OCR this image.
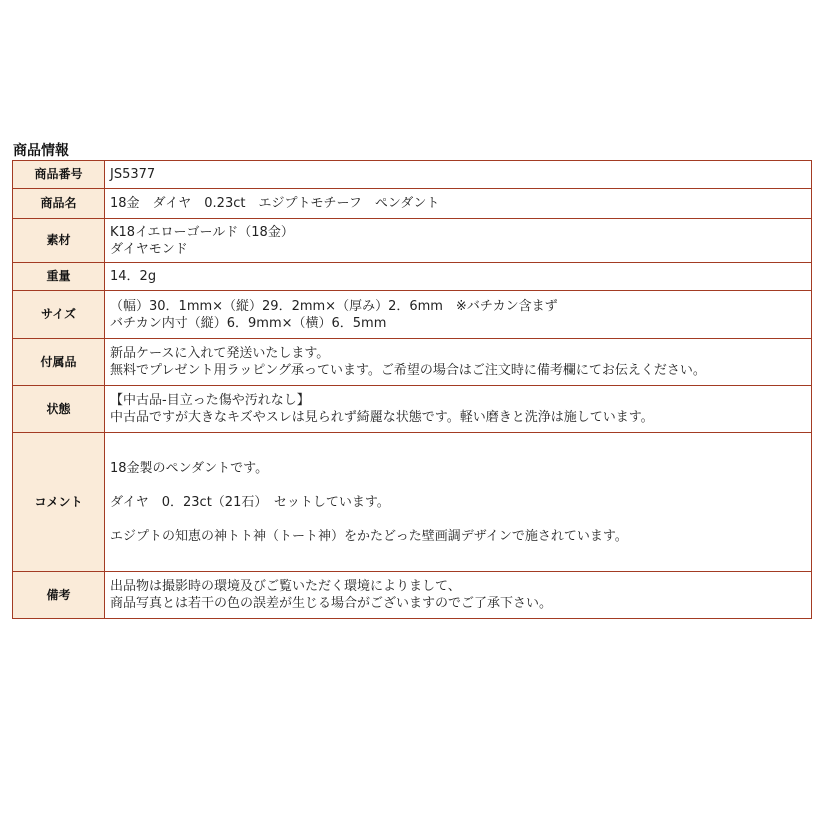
商品情報
商品番号	JS5377
商品名	18金　ダイヤ　0.23ct　エジプトモチーフ　ペンダント
素材	K18イエローゴールド（18金）
ダイヤモンド

重量	14．2g
サイズ	（幅）30．1mm×（縦）29．2mm×（厚み）2．6mm　※バチカン含まず
バチカン内寸（縦）6．9mm×（横）6．5mm

付属品	新品ケースに入れて発送いたします。
無料でプレゼント用ラッピング承っています。ご希望の場合はご注文時に備考欄にてお伝えください。

状態	【中古品-目立った傷や汚れなし】
中古品ですが大きなキズやスレは見られず綺麗な状態です。軽い磨きと洗浄は施しています。

コメント	18金製のペンダントです。
ダイヤ　0．23ct（21石）　セットしています。
エジプトの知恵の神トト神（トート神）をかたどった壁画調デザインで施されています。

備考	出品物は撮影時の環境及びご覧いただく環境によりまして、
商品写真とは若干の色の誤差が生じる場合がございますのでご了承下さい。
